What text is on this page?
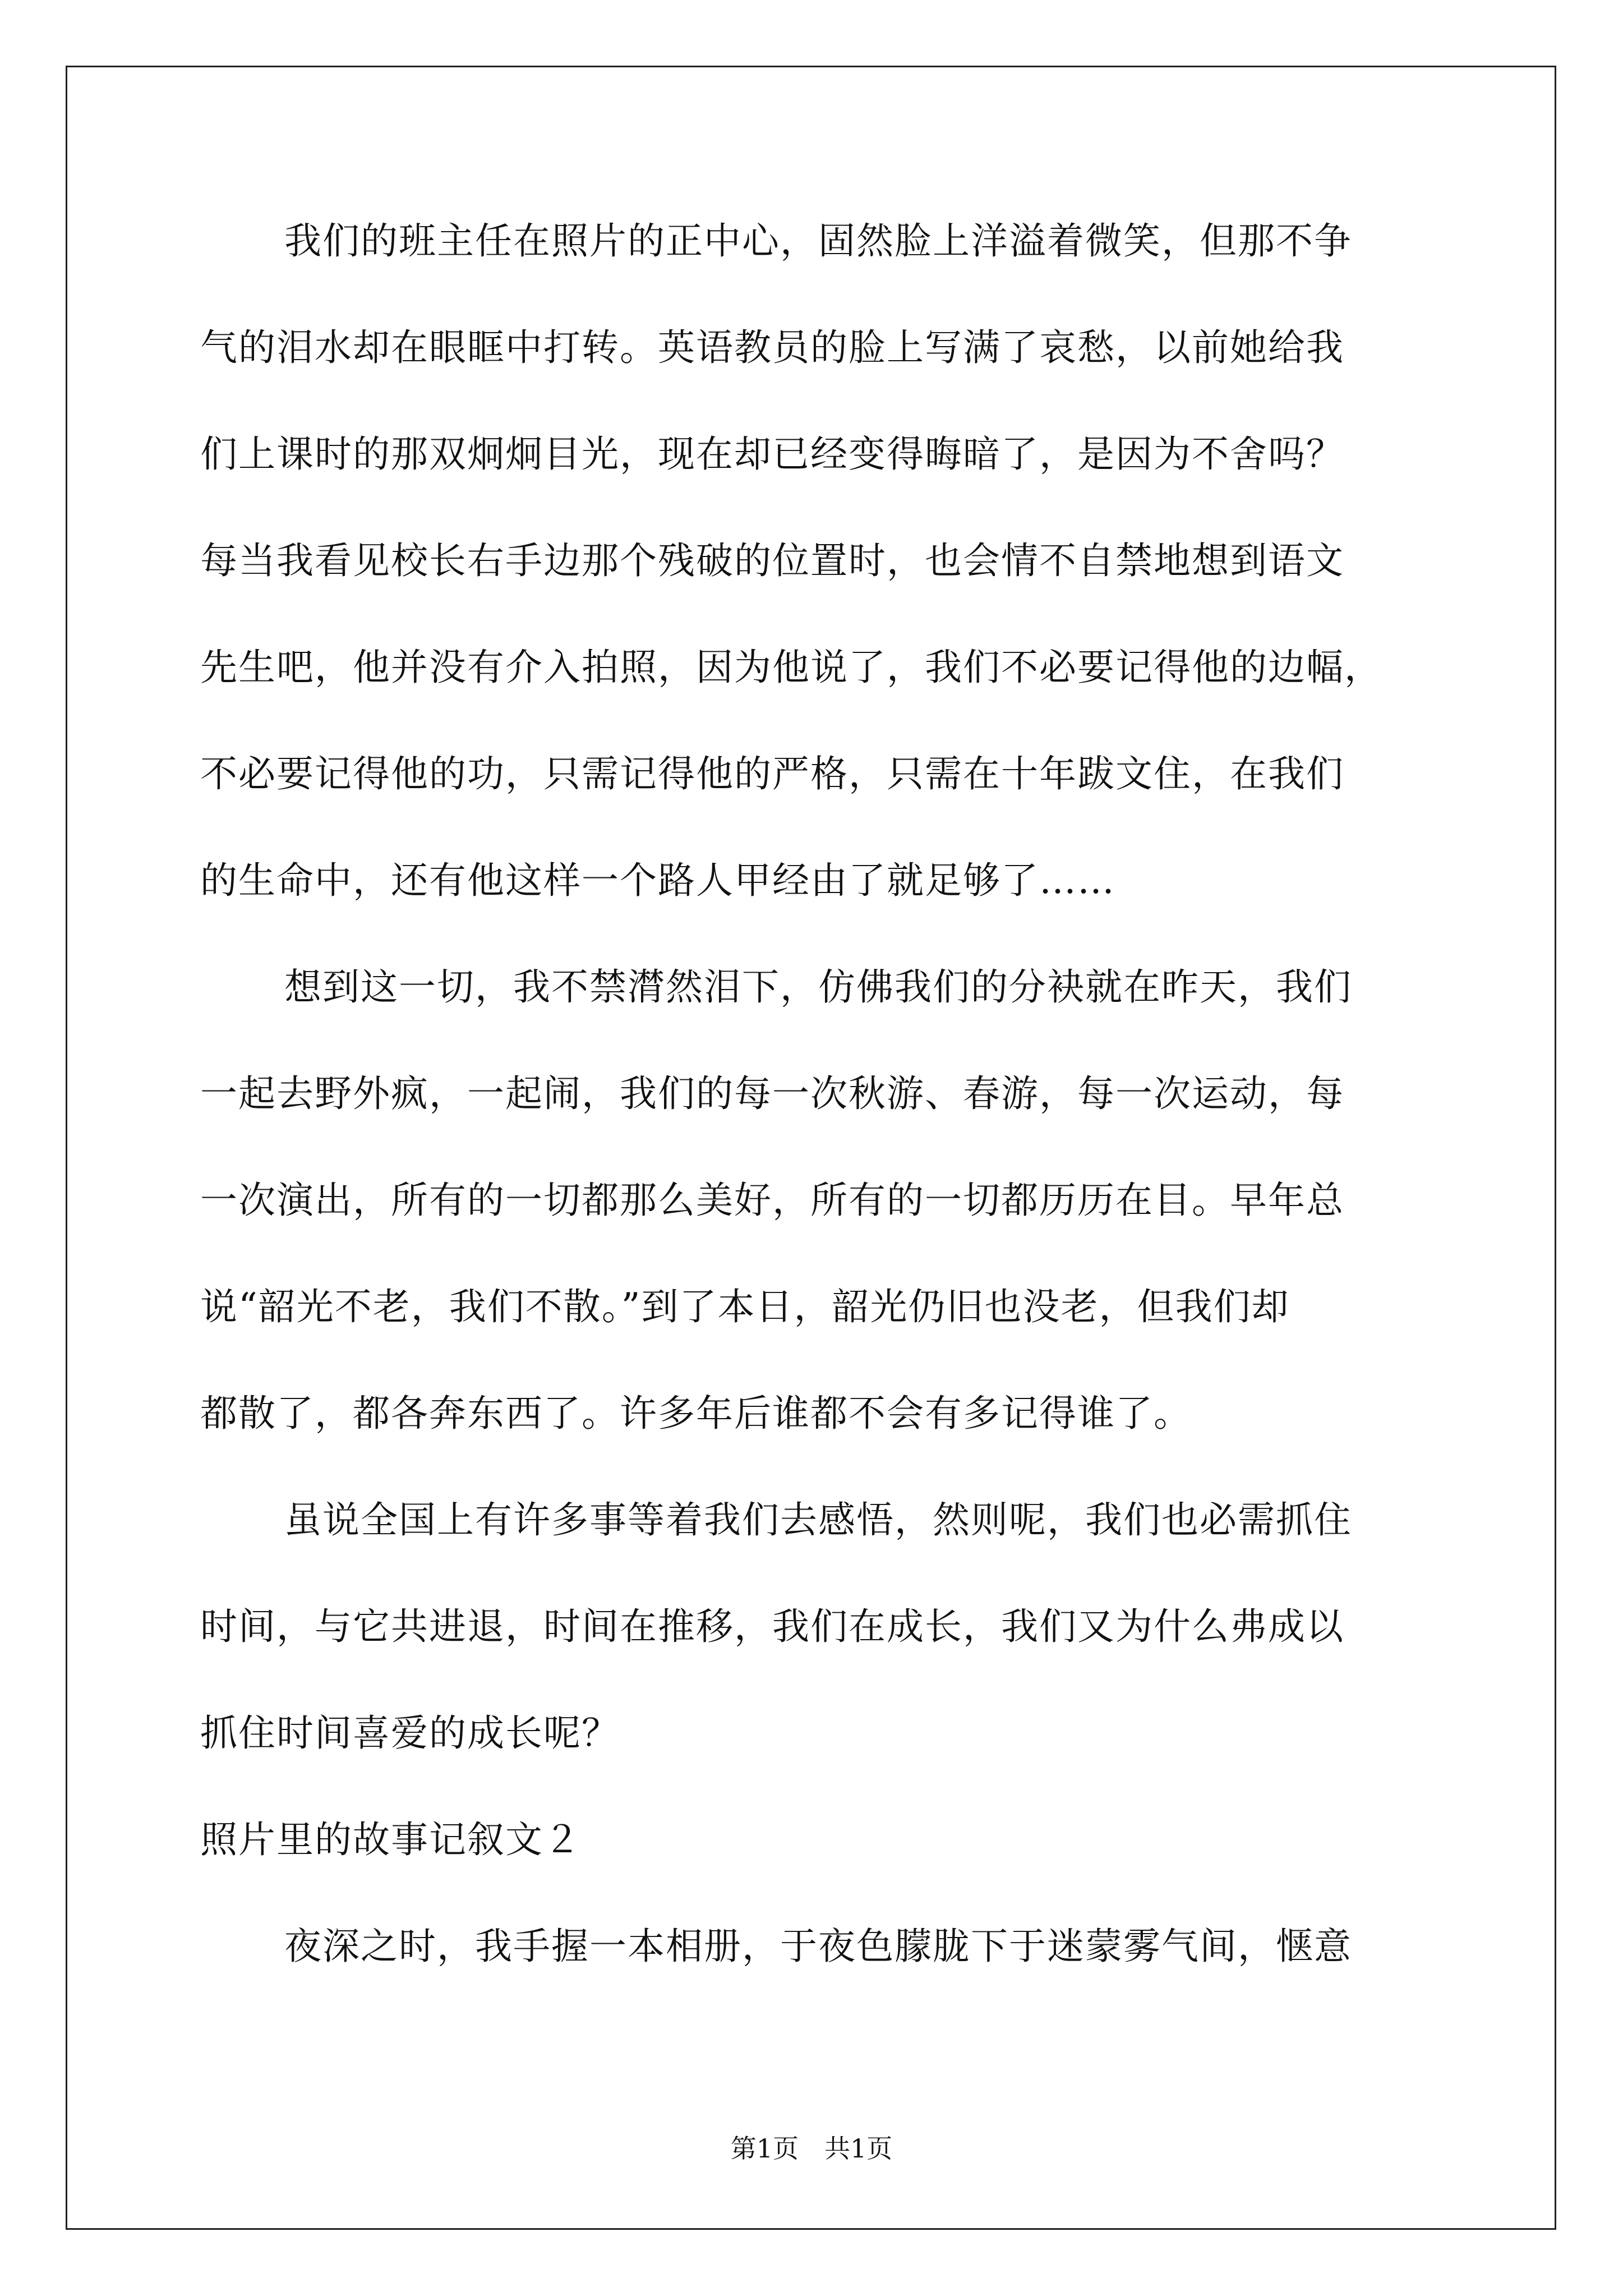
我们的班主任在照片的正中心，固然脸上洋溢着微笑，但那不争
气的泪水却在眼眶中打转。英语教员的脸上写满了哀愁，以前她给我
们上课时的那双炯炯目光，现在却已经变得晦暗了，是因为不舍吗？
每当我看见校长右手边那个残破的位置时，也会情不自禁地想到语文
先生吧，他并没有介入拍照，因为他说了，我们不必要记得他的边幅，
不必要记得他的功，只需记得他的严格，只需在十年跋文住，在我们
的生命中，还有他这样一个路人甲经由了就足够了……
想到这一切，我不禁潸然泪下，仿佛我们的分袂就在昨天，我们
一起去野外疯，一起闹，我们的每一次秋游、春游，每一次运动，每
一次演出，所有的一切都那么美好，所有的一切都历历在目。早年总
说“韶光不老，我们不散。”到了本日，韶光仍旧也没老，但我们却
都散了，都各奔东西了。许多年后谁都不会有多记得谁了。
虽说全国上有许多事等着我们去感悟，然则呢，我们也必需抓住
时间，与它共进退，时间在推移，我们在成长，我们又为什么弗成以
抓住时间喜爱的成长呢？
照片里的故事记叙文２
夜深之时，我手握一本相册，于夜色朦胧下于迷蒙雾气间，惬意
第1页　共1页
